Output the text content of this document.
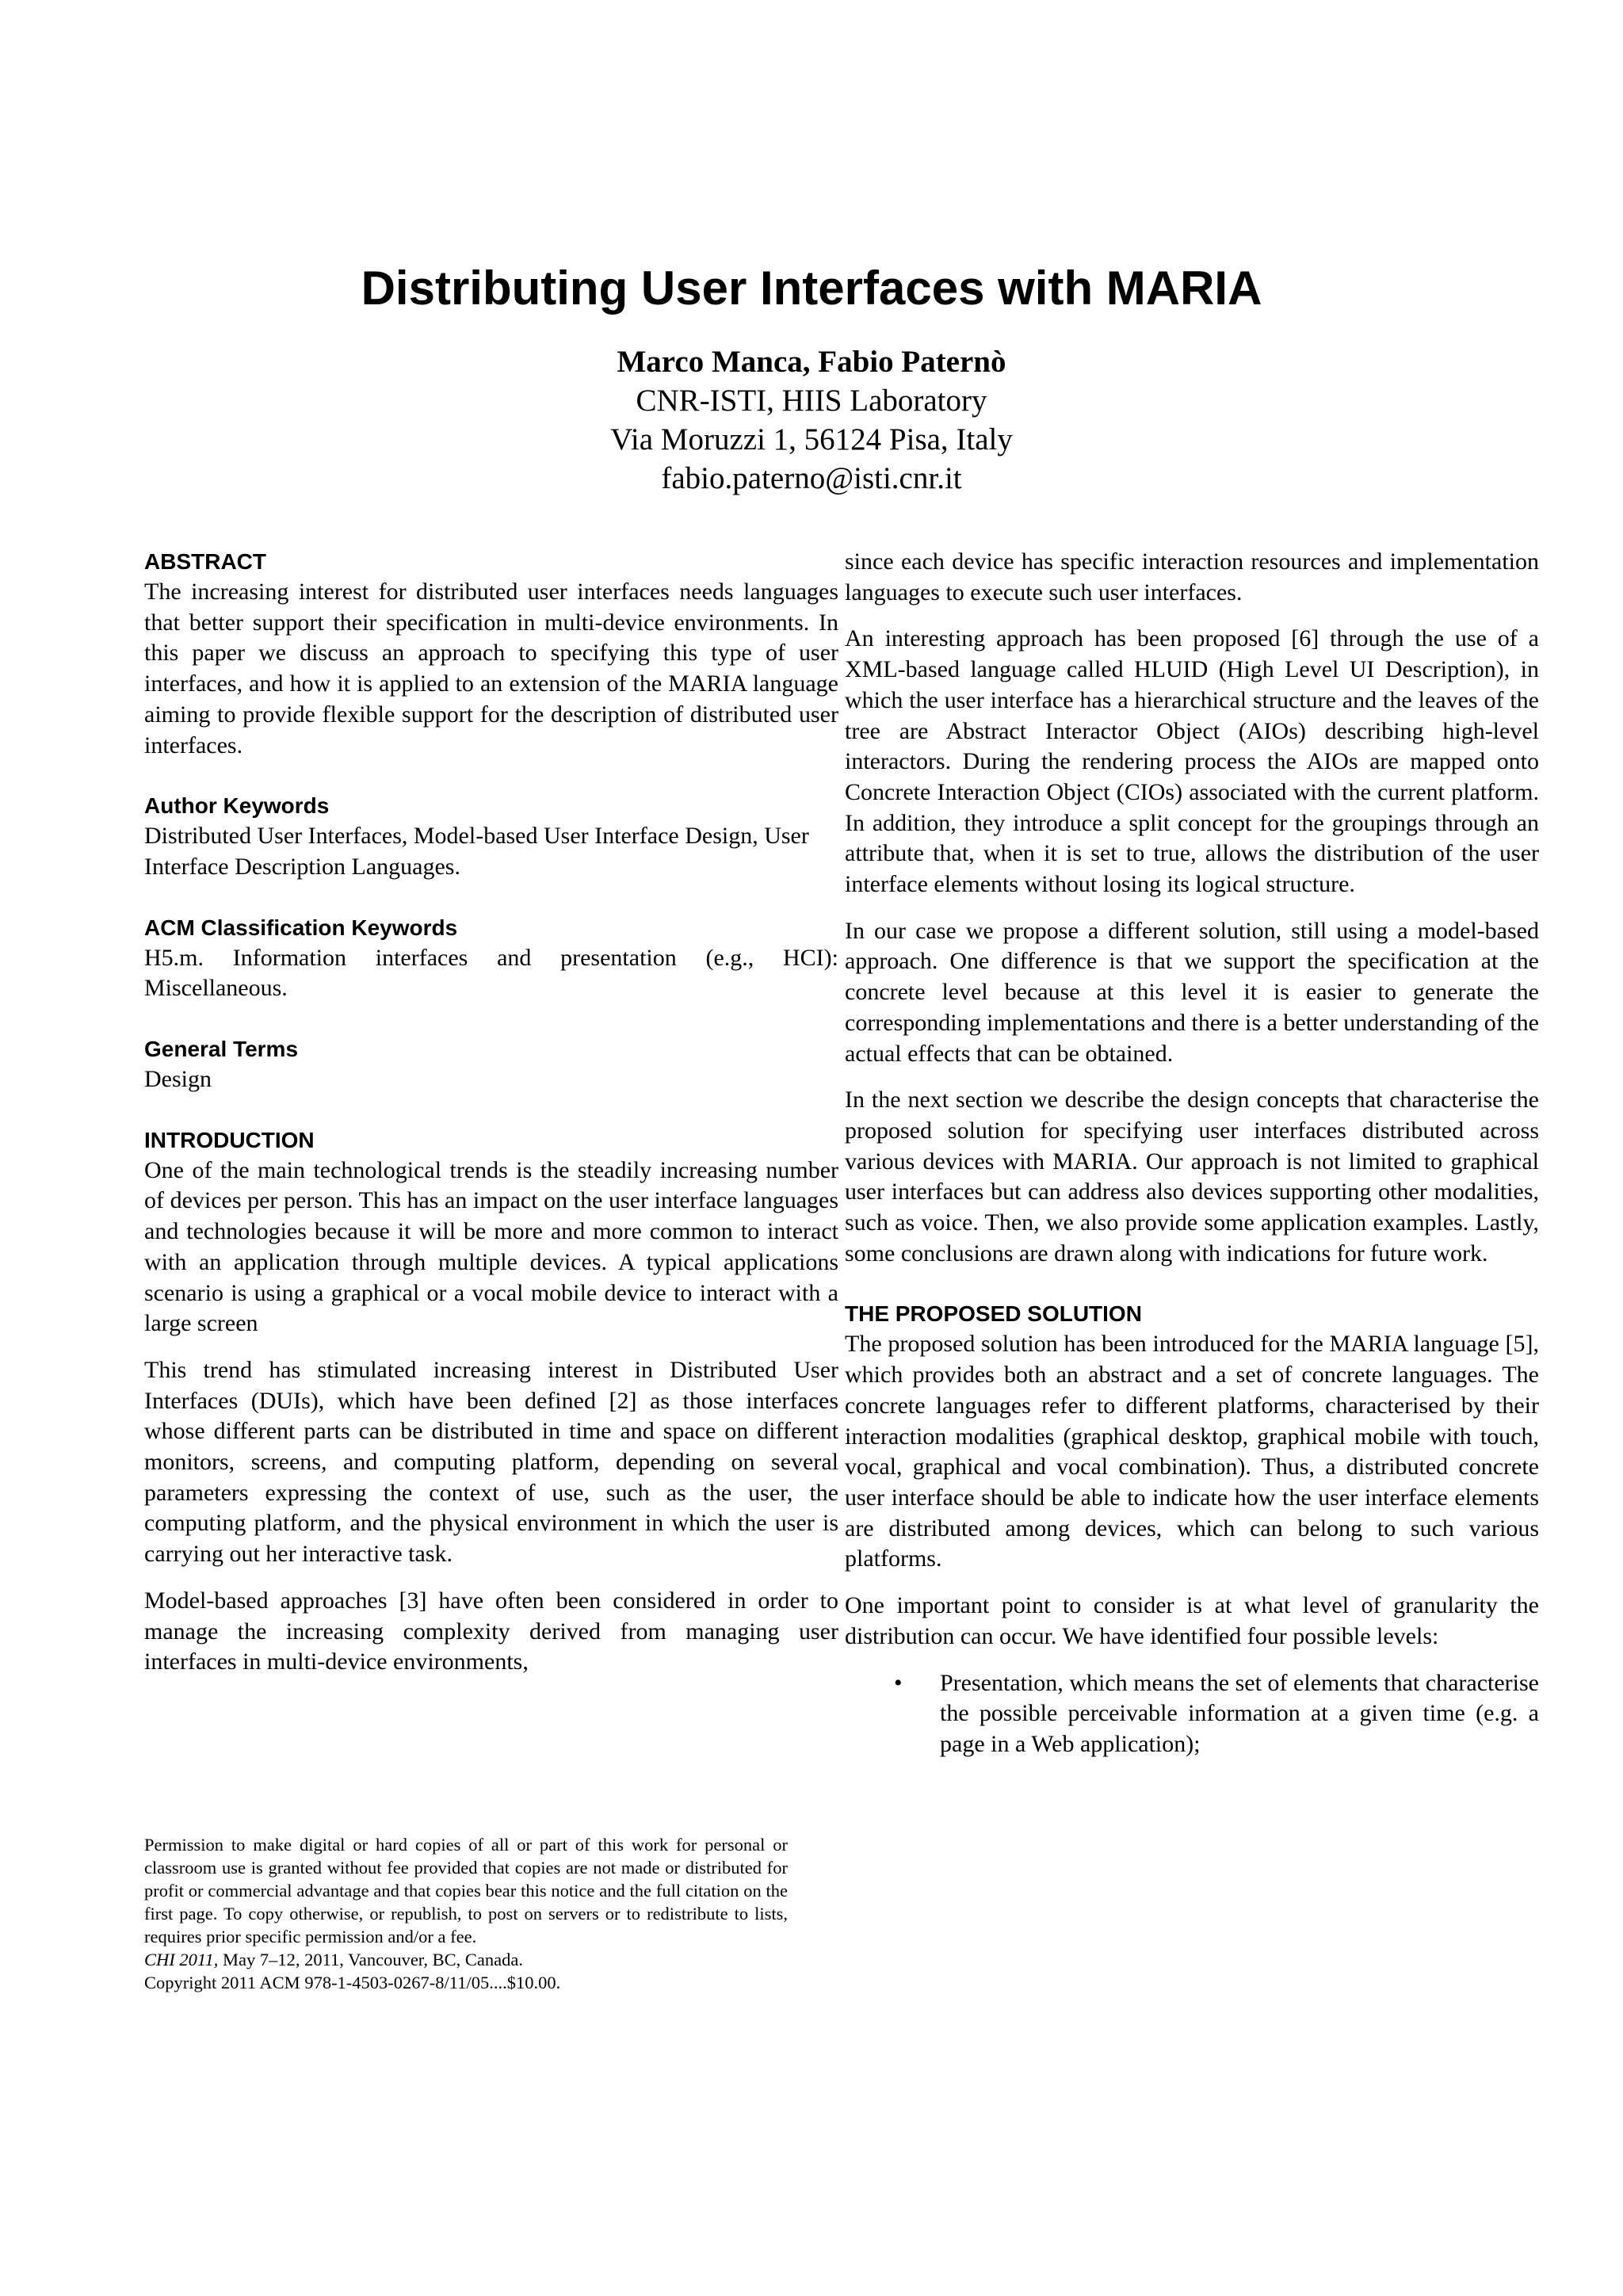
Distributing User Interfaces with MARIA
Marco Manca, Fabio Paternò
CNR-ISTI, HIIS Laboratory
Via Moruzzi 1, 56124 Pisa, Italy
fabio.paterno@isti.cnr.it
ABSTRACT

The increasing interest for distributed user interfaces needs languages that better support their specification in multi-device environments. In this paper we discuss an approach to specifying this type of user interfaces, and how it is applied to an extension of the MARIA language aiming to provide flexible support for the description of distributed user interfaces.

Author Keywords

Distributed User Interfaces, Model-based User Interface Design, User Interface Description Languages.

ACM Classification Keywords

H5.m. Information interfaces and presentation (e.g., HCI): Miscellaneous.

General Terms

Design

INTRODUCTION

One of the main technological trends is the steadily increasing number of devices per person. This has an impact on the user interface languages and technologies because it will be more and more common to interact with an application through multiple devices. A typical applications scenario is using a graphical or a vocal mobile device to interact with a large screen

This trend has stimulated increasing interest in Distributed User Interfaces (DUIs), which have been defined [2] as those interfaces whose different parts can be distributed in time and space on different monitors, screens, and computing platform, depending on several parameters expressing the context of use, such as the user, the computing platform, and the physical environment in which the user is carrying out her interactive task.

Model-based approaches [3] have often been considered in order to manage the increasing complexity derived from managing user interfaces in multi-device environments,

Permission to make digital or hard copies of all or part of this work for personal or classroom use is granted without fee provided that copies are not made or distributed for profit or commercial advantage and that copies bear this notice and the full citation on the first page. To copy otherwise, or republish, to post on servers or to redistribute to lists, requires prior specific permission and/or a fee.

CHI 2011, May 7–12, 2011, Vancouver, BC, Canada.

Copyright 2011 ACM 978-1-4503-0267-8/11/05....$10.00.

since each device has specific interaction resources and implementation languages to execute such user interfaces.

An interesting approach has been proposed [6] through the use of a XML-based language called HLUID (High Level UI Description), in which the user interface has a hierarchical structure and the leaves of the tree are Abstract Interactor Object (AIOs) describing high-level interactors. During the rendering process the AIOs are mapped onto Concrete Interaction Object (CIOs) associated with the current platform. In addition, they introduce a split concept for the groupings through an attribute that, when it is set to true, allows the distribution of the user interface elements without losing its logical structure.

In our case we propose a different solution, still using a model-based approach. One difference is that we support the specification at the concrete level because at this level it is easier to generate the corresponding implementations and there is a better understanding of the actual effects that can be obtained.

In the next section we describe the design concepts that characterise the proposed solution for specifying user interfaces distributed across various devices with MARIA. Our approach is not limited to graphical user interfaces but can address also devices supporting other modalities, such as voice. Then, we also provide some application examples. Lastly, some conclusions are drawn along with indications for future work.

THE PROPOSED SOLUTION

The proposed solution has been introduced for the MARIA language [5], which provides both an abstract and a set of concrete languages. The concrete languages refer to different platforms, characterised by their interaction modalities (graphical desktop, graphical mobile with touch, vocal, graphical and vocal combination). Thus, a distributed concrete user interface should be able to indicate how the user interface elements are distributed among devices, which can belong to such various platforms.

One important point to consider is at what level of granularity the distribution can occur. We have identified four possible levels:

• Presentation, which means the set of elements that characterise the possible perceivable information at a given time (e.g. a page in a Web application);
